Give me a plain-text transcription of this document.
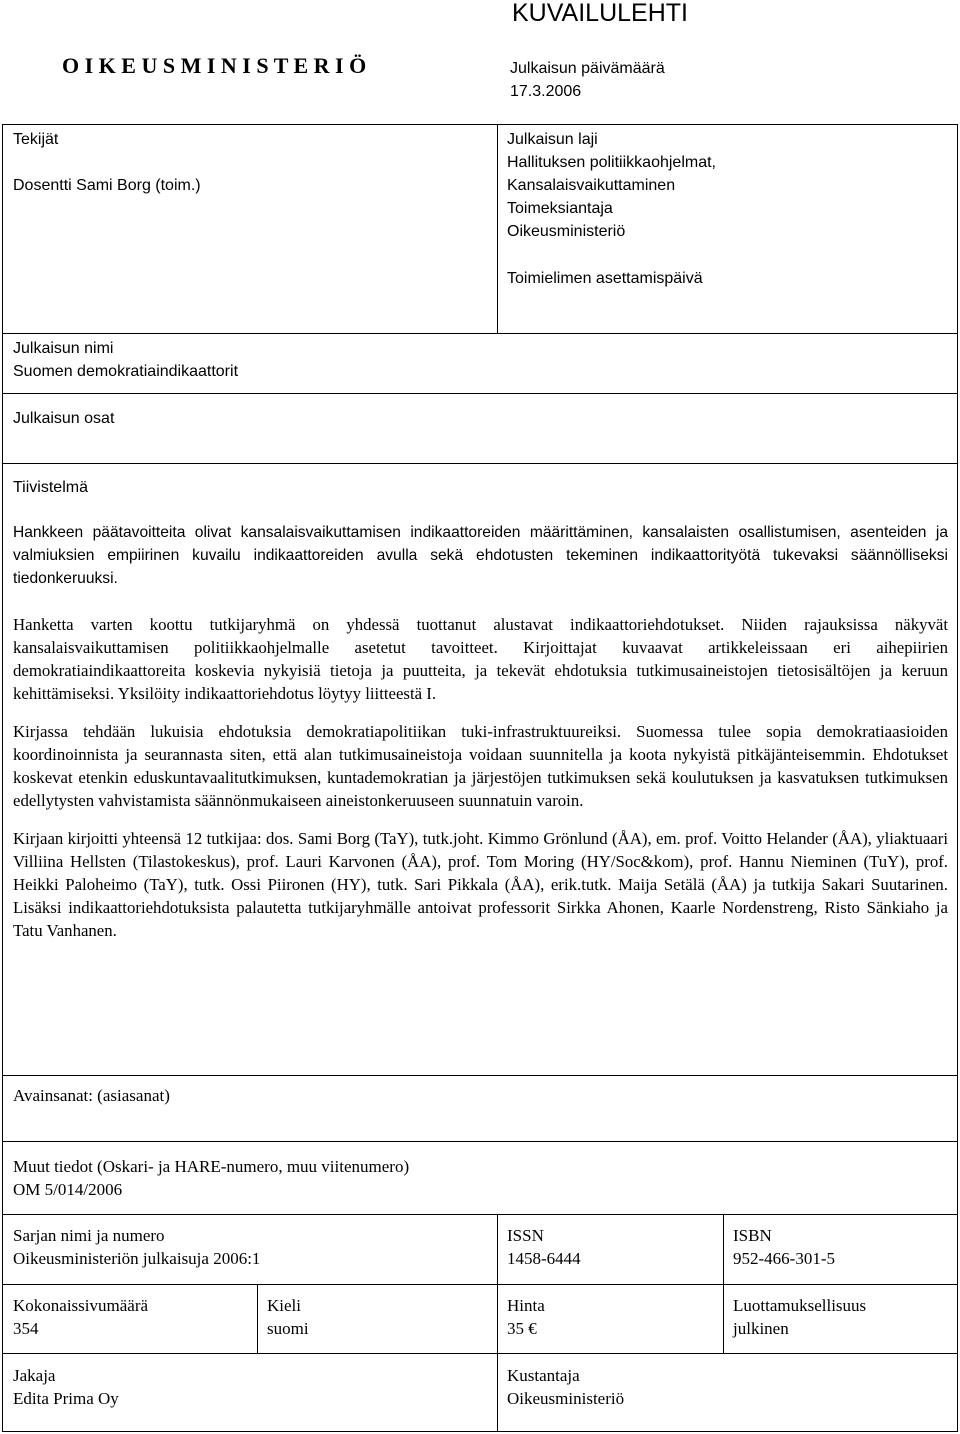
O I K E U S M I N I S T E R I Ö
KUVAILULEHTI
Julkaisun päivämäärä
17.3.2006
Tekijät
Dosentti Sami Borg (toim.)
Julkaisun laji
Hallituksen politiikkaohjelmat,
Kansalaisvaikuttaminen
Toimeksiantaja
Oikeusministeriö
Toimielimen asettamispäivä
Julkaisun nimi
Suomen demokratiaindikaattorit
Julkaisun osat
Tiivistelmä

Hankkeen päätavoitteita olivat kansalaisvaikuttamisen indikaattoreiden määrittäminen, kansalaisten osallistumisen, asenteiden ja valmiuksien empiirinen kuvailu indikaattoreiden avulla sekä ehdotusten tekeminen indikaattorityötä tukevaksi säännölliseksi tiedonkeruuksi.

Hanketta varten koottu tutkijaryhmä on yhdessä tuottanut alustavat indikaattoriehdotukset. Niiden rajauksissa näkyvät kansalaisvaikuttamisen politiikkaohjelmalle asetetut tavoitteet. Kirjoittajat kuvaavat artikkeleissaan eri aihepiirien demokratiaindikaattoreita koskevia nykyisiä tietoja ja puutteita, ja tekevät ehdotuksia tutkimusaineistojen tietosisältöjen ja keruun kehittämiseksi. Yksilöity indikaattoriehdotus löytyy liitteestä I.

Kirjassa tehdään lukuisia ehdotuksia demokratiapolitiikan tuki-infrastruktuureiksi. Suomessa tulee sopia demokratiaasioiden koordinoinnista ja seurannasta siten, että alan tutkimusaineistoja voidaan suunnitella ja koota nykyistä pitkäjänteisemmin. Ehdotukset koskevat etenkin eduskuntavaalitutkimuksen, kuntademokratian ja järjestöjen tutkimuksen sekä koulutuksen ja kasvatuksen tutkimuksen edellytysten vahvistamista säännönmukaiseen aineistonkeruuseen suunnatuin varoin.

Kirjaan kirjoitti yhteensä 12 tutkijaa: dos. Sami Borg (TaY), tutk.joht. Kimmo Grönlund (ÅA), em. prof. Voitto Helander (ÅA), yliaktuaari Villiina Hellsten (Tilastokeskus), prof. Lauri Karvonen (ÅA), prof. Tom Moring (HY/Soc&kom), prof. Hannu Nieminen (TuY), prof. Heikki Paloheimo (TaY), tutk. Ossi Piironen (HY), tutk. Sari Pikkala (ÅA), erik.tutk. Maija Setälä (ÅA) ja tutkija Sakari Suutarinen. Lisäksi indikaattoriehdotuksista palautetta tutkijaryhmälle antoivat professorit Sirkka Ahonen, Kaarle Nordenstreng, Risto Sänkiaho ja Tatu Vanhanen.

Avainsanat: (asiasanat)
Muut tiedot (Oskari- ja HARE-numero, muu viitenumero)
OM 5/014/2006
Sarjan nimi ja numero
Oikeusministeriön julkaisuja 2006:1
ISSN
1458-6444
ISBN
952-466-301-5
Kokonaissivumäärä
354
Kieli
suomi
Hinta
35 €
Luottamuksellisuus
julkinen
Jakaja
Edita Prima Oy
Kustantaja
Oikeusministeriö
